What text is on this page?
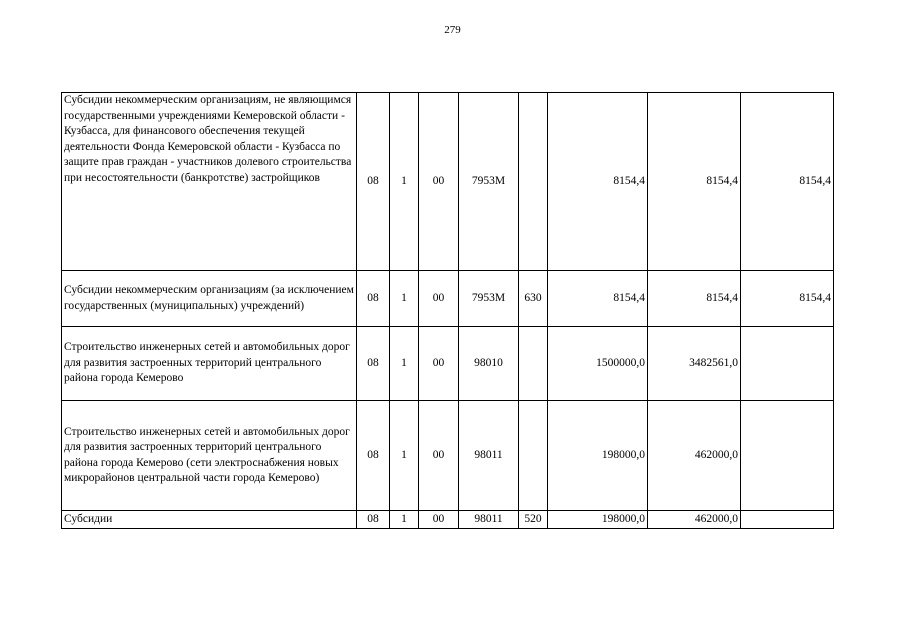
279
Субсидии некоммерческим организациям, не являющимся государственными учреждениями Кемеровской области - Кузбасса, для финансового обеспечения текущей деятельности Фонда Кемеровской области - Кузбасса по защите прав граждан - участников долевого строительства при несостоятельности (банкротстве) застройщиков	08	1	00	7953М		8154,4	8154,4	8154,4
Субсидии некоммерческим организациям (за исключением государственных (муниципальных) учреждений)	08	1	00	7953М	630	8154,4	8154,4	8154,4
Строительство инженерных сетей и автомобильных дорог для развития застроенных территорий центрального района города Кемерово	08	1	00	98010		1500000,0	3482561,0	
Строительство инженерных сетей и автомобильных дорог для развития застроенных территорий центрального района города Кемерово (сети электроснабжения новых микрорайонов центральной части города Кемерово)	08	1	00	98011		198000,0	462000,0	
Субсидии	08	1	00	98011	520	198000,0	462000,0	
